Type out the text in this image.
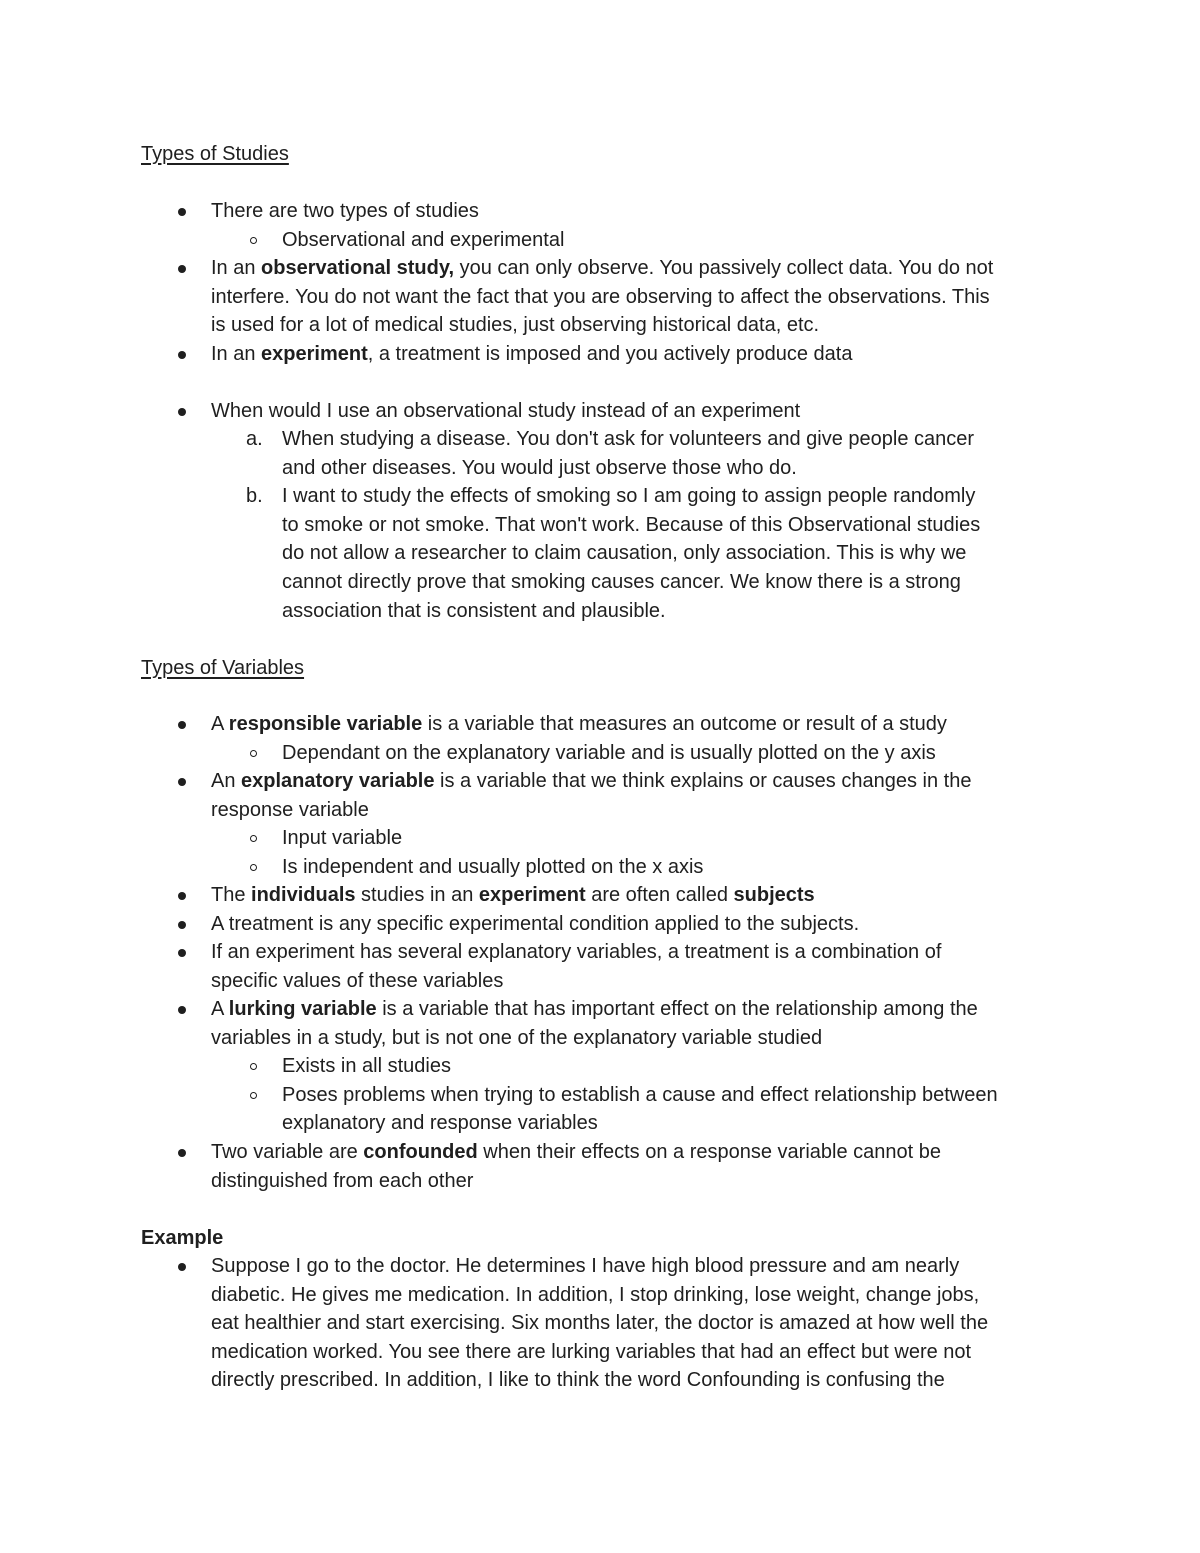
Types of Studies
There are two types of studies
Observational and experimental
In an observational study, you can only observe. You passively collect data. You do not
interfere. You do not want the fact that you are observing to affect the observations. This
is used for a lot of medical studies, just observing historical data, etc.
In an experiment, a treatment is imposed and you actively produce data
When would I use an observational study instead of an experiment
a. When studying a disease. You don't ask for volunteers and give people cancer
and other diseases. You would just observe those who do.
b. I want to study the effects of smoking so I am going to assign people randomly
to smoke or not smoke. That won't work. Because of this Observational studies
do not allow a researcher to claim causation, only association. This is why we
cannot directly prove that smoking causes cancer. We know there is a strong
association that is consistent and plausible.
Types of Variables
A responsible variable is a variable that measures an outcome or result of a study
Dependant on the explanatory variable and is usually plotted on the y axis
An explanatory variable is a variable that we think explains or causes changes in the
response variable
Input variable
Is independent and usually plotted on the x axis
The individuals studies in an experiment are often called subjects
A treatment is any specific experimental condition applied to the subjects.
If an experiment has several explanatory variables, a treatment is a combination of
specific values of these variables
A lurking variable is a variable that has important effect on the relationship among the
variables in a study, but is not one of the explanatory variable studied
Exists in all studies
Poses problems when trying to establish a cause and effect relationship between
explanatory and response variables
Two variable are confounded when their effects on a response variable cannot be
distinguished from each other
Example
Suppose I go to the doctor. He determines I have high blood pressure and am nearly
diabetic. He gives me medication. In addition, I stop drinking, lose weight, change jobs,
eat healthier and start exercising. Six months later, the doctor is amazed at how well the
medication worked. You see there are lurking variables that had an effect but were not
directly prescribed. In addition, I like to think the word Confounding is confusing the
